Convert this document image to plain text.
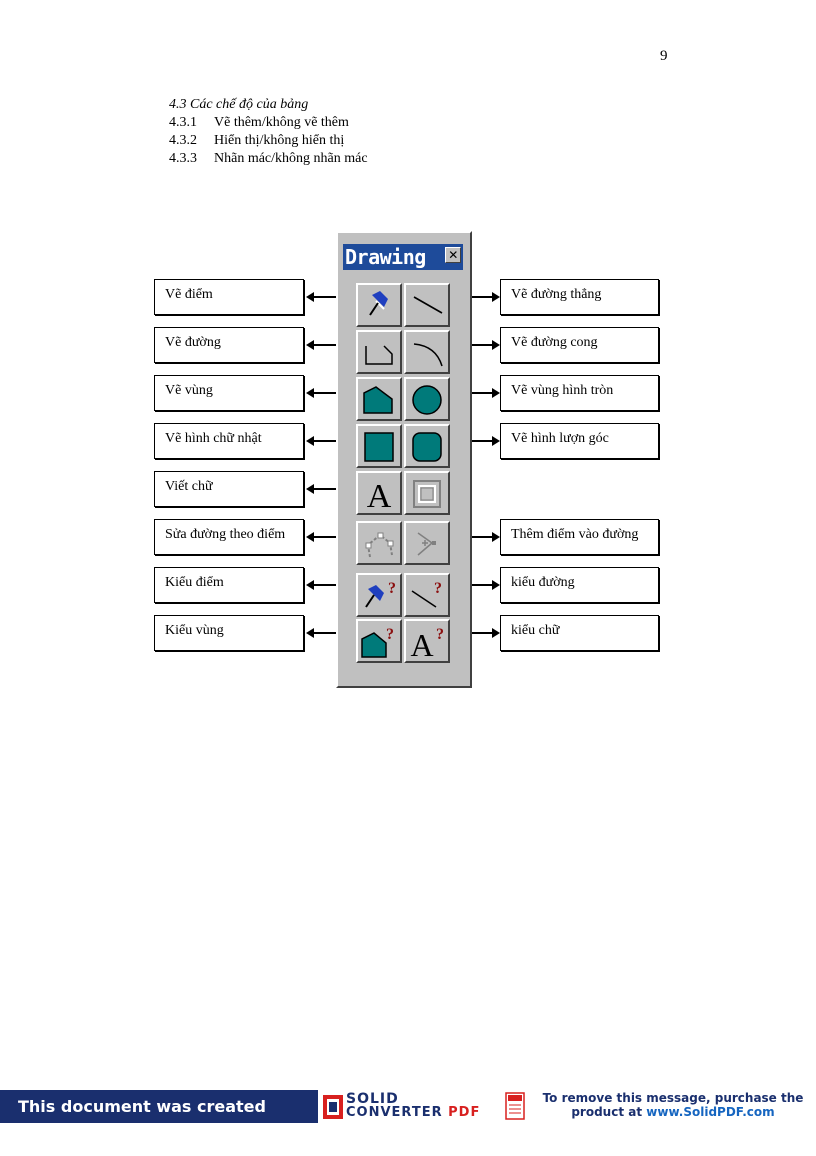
9
4.3 Các chế độ của bảng
4.3.1 Vẽ thêm/không vẽ thêm
4.3.2 Hiển thị/không hiển thị
4.3.3 Nhãn mác/không nhãn mác
Vẽ điểm
Vẽ đường
Vẽ vùng
Vẽ hình chữ nhật
Viết chữ
Sửa đường theo điểm
Kiểu điểm
Kiểu vùng
Vẽ đường thẳng
Vẽ đường cong
Vẽ vùng hình tròn
Vẽ hình lượn góc
Thêm điểm vào đường
kiểu đường
kiểu chữ
Drawing ✕
A
? ?
? A ?
This document was created using
SOLID
CONVERTER PDF
To remove this message, purchase the
product at www.SolidPDF.com
